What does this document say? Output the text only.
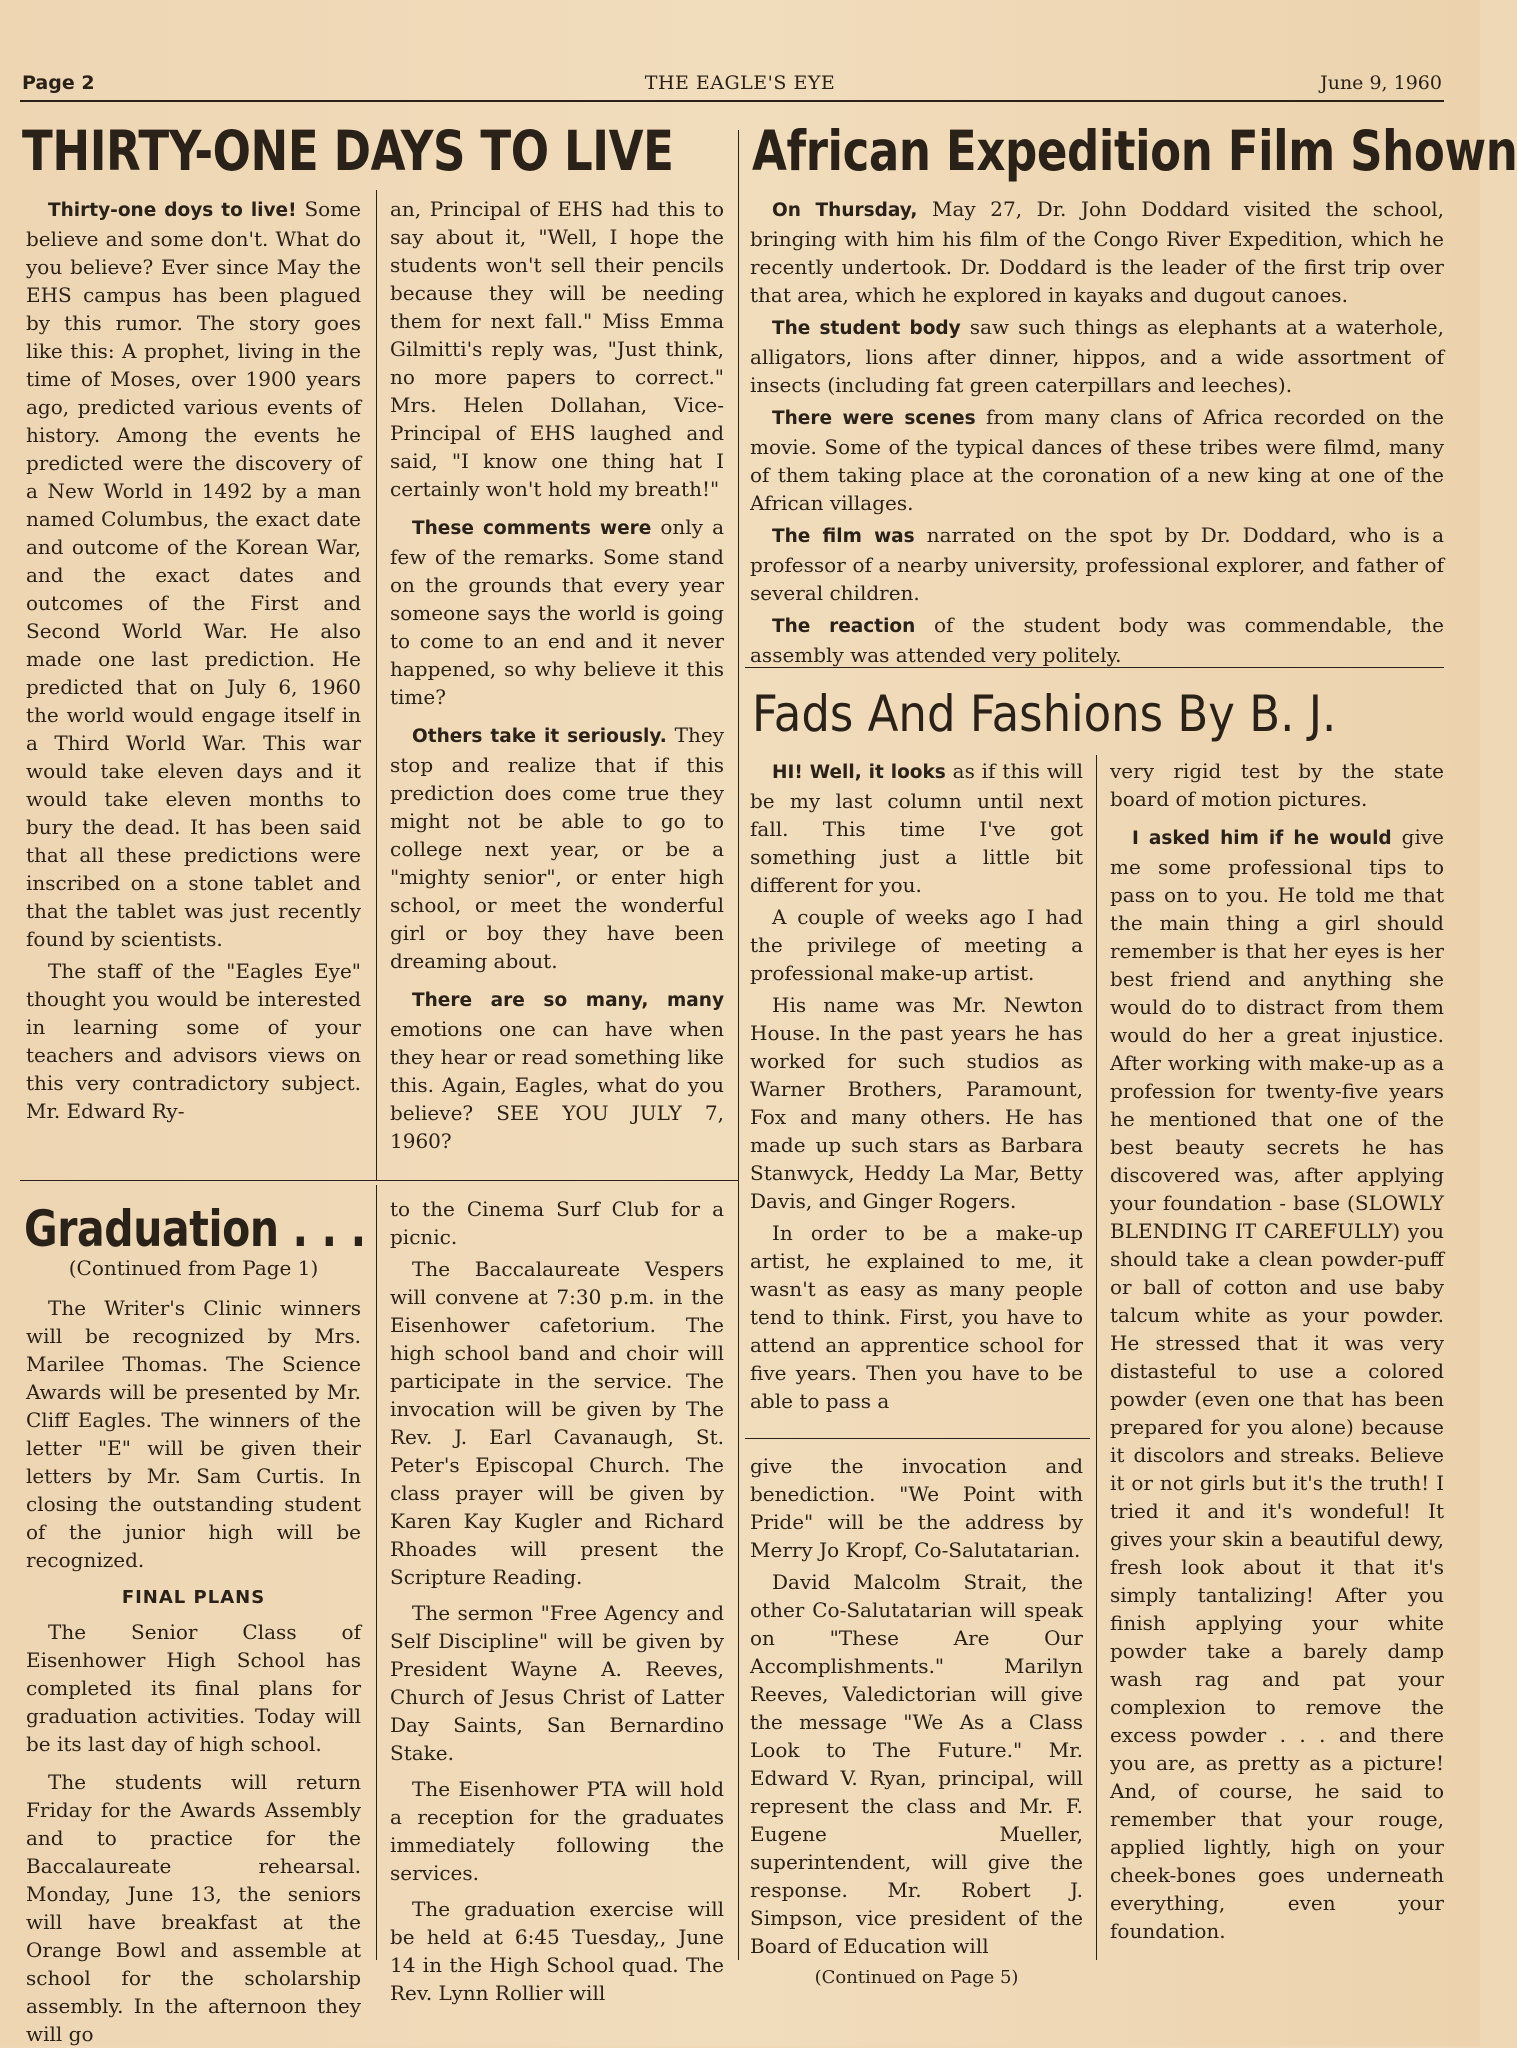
Page 2	THE EAGLE'S EYE	June 9, 1960
THIRTY-ONE DAYS TO LIVE

Thirty-one doys to live! Some believe and some don't. What do you believe? Ever since May the EHS campus has been plagued by this rumor. The story goes like this: A prophet, living in the time of Moses, over 1900 years ago, predicted various events of history. Among the events he predicted were the discovery of a New World in 1492 by a man named Columbus, the exact date and outcome of the Korean War, and the exact dates and outcomes of the First and Second World War. He also made one last prediction. He predicted that on July 6, 1960 the world would engage itself in a Third World War. This war would take eleven days and it would take eleven months to bury the dead. It has been said that all these predictions were inscribed on a stone tablet and that the tablet was just recently found by scientists.

The staff of the "Eagles Eye" thought you would be interested in learning some of your teachers and advisors views on this very contradictory subject. Mr. Edward Ry-

an, Principal of EHS had this to say about it, "Well, I hope the students won't sell their pencils because they will be needing them for next fall." Miss Emma Gilmitti's reply was, "Just think, no more papers to correct." Mrs. Helen Dollahan, Vice-Principal of EHS laughed and said, "I know one thing hat I certainly won't hold my breath!"

These comments were only a few of the remarks. Some stand on the grounds that every year someone says the world is going to come to an end and it never happened, so why believe it this time?

Others take it seriously. They stop and realize that if this prediction does come true they might not be able to go to college next year, or be a "mighty senior", or enter high school, or meet the wonderful girl or boy they have been dreaming about.

There are so many, many emotions one can have when they hear or read something like this. Again, Eagles, what do you believe? SEE YOU JULY 7, 1960?

African Expedition Film Shown

On Thursday, May 27, Dr. John Doddard visited the school, bringing with him his film of the Congo River Expedition, which he recently undertook. Dr. Doddard is the leader of the first trip over that area, which he explored in kayaks and dugout canoes.

The student body saw such things as elephants at a waterhole, alligators, lions after dinner, hippos, and a wide assortment of insects (including fat green caterpillars and leeches).

There were scenes from many clans of Africa recorded on the movie. Some of the typical dances of these tribes were filmd, many of them taking place at the coronation of a new king at one of the African villages.

The film was narrated on the spot by Dr. Doddard, who is a professor of a nearby university, professional explorer, and father of several children.

The reaction of the student body was commendable, the assembly was attended very politely.

Fads And Fashions By B. J.

HI! Well, it looks as if this will be my last column until next fall. This time I've got something just a little bit different for you.

A couple of weeks ago I had the privilege of meeting a professional make-up artist.

His name was Mr. Newton House. In the past years he has worked for such studios as Warner Brothers, Paramount, Fox and many others. He has made up such stars as Barbara Stanwyck, Heddy La Mar, Betty Davis, and Ginger Rogers.

In order to be a make-up artist, he explained to me, it wasn't as easy as many people tend to think. First, you have to attend an apprentice school for five years. Then you have to be able to pass a

very rigid test by the state board of motion pictures.

I asked him if he would give me some professional tips to pass on to you. He told me that the main thing a girl should remember is that her eyes is her best friend and anything she would do to distract from them would do her a great injustice. After working with make-up as a profession for twenty-five years he mentioned that one of the best beauty secrets he has discovered was, after applying your foundation - base (SLOWLY BLENDING IT CAREFULLY) you should take a clean powder-puff or ball of cotton and use baby talcum white as your powder. He stressed that it was very distasteful to use a colored powder (even one that has been prepared for you alone) because it discolors and streaks. Believe it or not girls but it's the truth! I tried it and it's wondeful! It gives your skin a beautiful dewy, fresh look about it that it's simply tantalizing! After you finish applying your white powder take a barely damp wash rag and pat your complexion to remove the excess powder . . . and there you are, as pretty as a picture! And, of course, he said to remember that your rouge, applied lightly, high on your cheek-bones goes underneath everything, even your foundation.

Graduation . . .
(Continued from Page 1)

The Writer's Clinic winners will be recognized by Mrs. Marilee Thomas. The Science Awards will be presented by Mr. Cliff Eagles. The winners of the letter "E" will be given their letters by Mr. Sam Curtis. In closing the outstanding student of the junior high will be recognized.

FINAL PLANS

The Senior Class of Eisenhower High School has completed its final plans for graduation activities. Today will be its last day of high school.

The students will return Friday for the Awards Assembly and to practice for the Baccalaureate rehearsal. Monday, June 13, the seniors will have breakfast at the Orange Bowl and assemble at school for the scholarship assembly. In the afternoon they will go

to the Cinema Surf Club for a picnic.

The Baccalaureate Vespers will convene at 7:30 p.m. in the Eisenhower cafetorium. The high school band and choir will participate in the service. The invocation will be given by The Rev. J. Earl Cavanaugh, St. Peter's Episcopal Church. The class prayer will be given by Karen Kay Kugler and Richard Rhoades will present the Scripture Reading.

The sermon "Free Agency and Self Discipline" will be given by President Wayne A. Reeves, Church of Jesus Christ of Latter Day Saints, San Bernardino Stake.

The Eisenhower PTA will hold a reception for the graduates immediately following the services.

The graduation exercise will be held at 6:45 Tuesday,, June 14 in the High School quad. The Rev. Lynn Rollier will

give the invocation and benediction. "We Point with Pride" will be the address by Merry Jo Kropf, Co-Salutatarian.

David Malcolm Strait, the other Co-Salutatarian will speak on "These Are Our Accomplishments." Marilyn Reeves, Valedictorian will give the message "We As a Class Look to The Future." Mr. Edward V. Ryan, principal, will represent the class and Mr. F. Eugene Mueller, superintendent, will give the response. Mr. Robert J. Simpson, vice president of the Board of Education will

(Continued on Page 5)
